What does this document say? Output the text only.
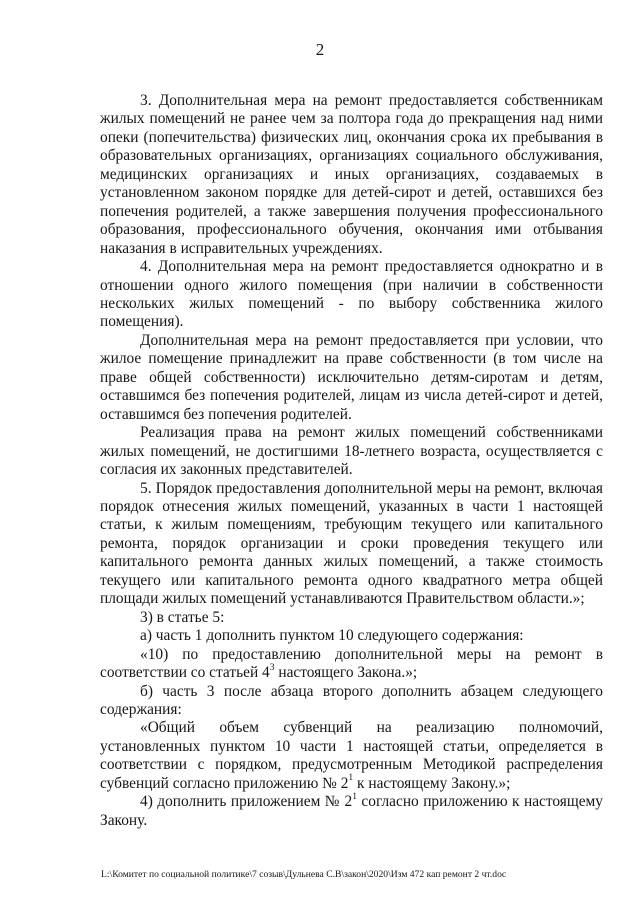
2

3. Дополнительная мера на ремонт предоставляется собственникам жилых помещений не ранее чем за полтора года до прекращения над ними опеки (попечительства) физических лиц, окончания срока их пребывания в образовательных организациях, организациях социального обслуживания, медицинских организациях и иных организациях, создаваемых в установленном законом порядке для детей-сирот и детей, оставшихся без попечения родителей, а также завершения получения профессионального образования, профессионального обучения, окончания ими отбывания наказания в исправительных учреждениях.

4. Дополнительная мера на ремонт предоставляется однократно и в отношении одного жилого помещения (при наличии в собственности нескольких жилых помещений - по выбору собственника жилого помещения).

Дополнительная мера на ремонт предоставляется при условии, что жилое помещение принадлежит на праве собственности (в том числе на праве общей собственности) исключительно детям-сиротам и детям, оставшимся без попечения родителей, лицам из числа детей-сирот и детей, оставшимся без попечения родителей.

Реализация права на ремонт жилых помещений собственниками жилых помещений, не достигшими 18-летнего возраста, осуществляется с согласия их законных представителей.

5. Порядок предоставления дополнительной меры на ремонт, включая порядок отнесения жилых помещений, указанных в части 1 настоящей статьи, к жилым помещениям, требующим текущего или капитального ремонта, порядок организации и сроки проведения текущего или капитального ремонта данных жилых помещений, а также стоимость текущего или капитального ремонта одного квадратного метра общей площади жилых помещений устанавливаются Правительством области.»;

3) в статье 5:

а) часть 1 дополнить пунктом 10 следующего содержания:

«10) по предоставлению дополнительной меры на ремонт в соответствии со статьей $4^3$ настоящего Закона.»;

б) часть 3 после абзаца второго дополнить абзацем следующего содержания:

«Общий объем субвенций на реализацию полномочий, установленных пунктом 10 части 1 настоящей статьи, определяется в соответствии с порядком, предусмотренным Методикой распределения субвенций согласно приложению № $2^1$ к настоящему Закону.»;

4) дополнить приложением № $2^1$ согласно приложению к настоящему Закону.

L:\Комитет по социальной политике\7 созыв\Дульнева С.В\закон\2020\Изм 472 кап ремонт 2 чт.doc
